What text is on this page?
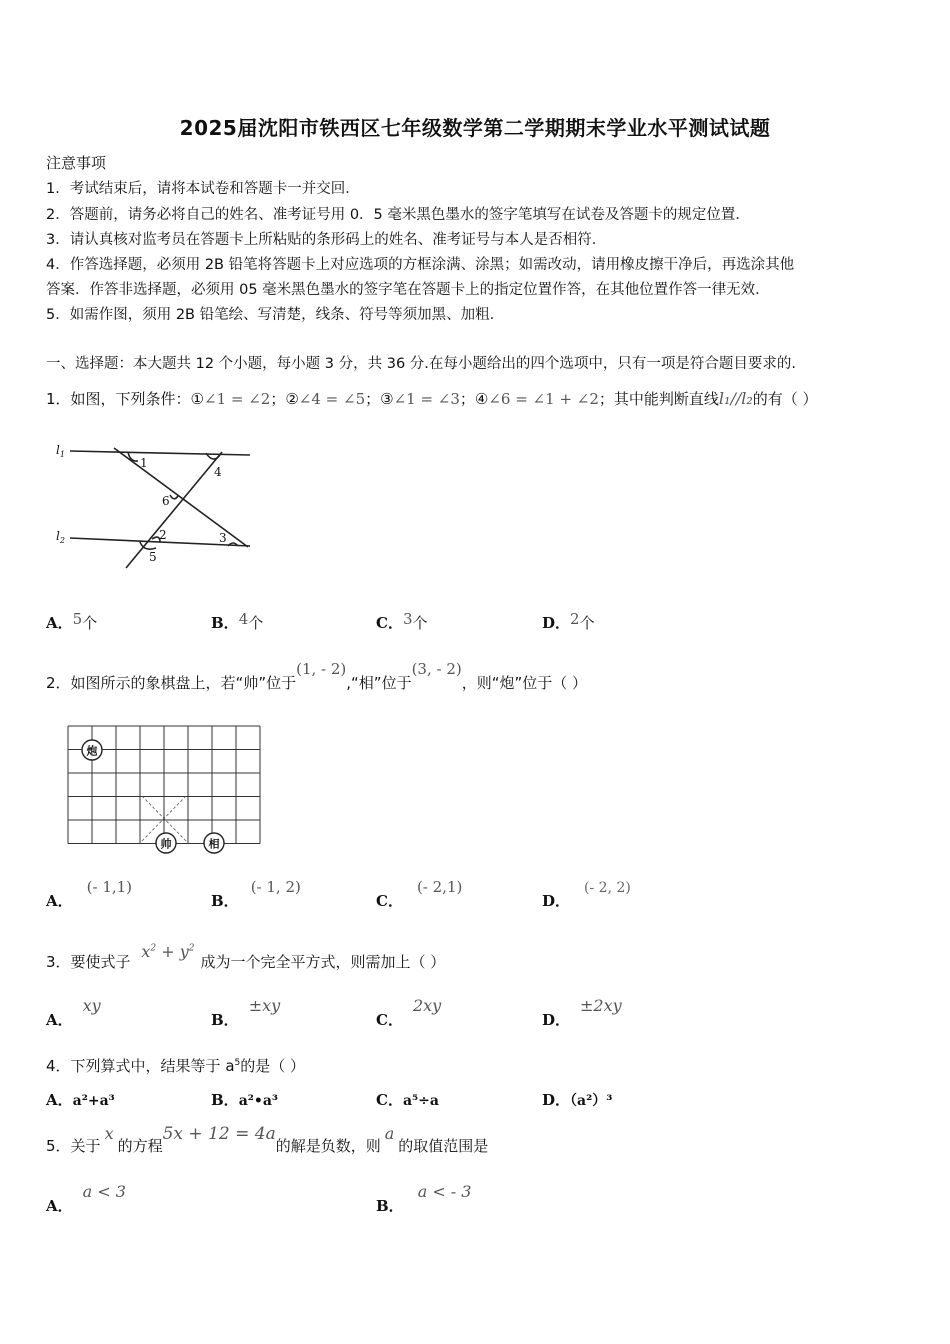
2025届沈阳市铁西区七年级数学第二学期期末学业水平测试试题
注意事项
1．考试结束后，请将本试卷和答题卡一并交回．
2．答题前，请务必将自己的姓名、准考证号用 0．5 毫米黑色墨水的签字笔填写在试卷及答题卡的规定位置．
3．请认真核对监考员在答题卡上所粘贴的条形码上的姓名、准考证号与本人是否相符．
4．作答选择题，必须用 2B 铅笔将答题卡上对应选项的方框涂满、涂黑；如需改动，请用橡皮擦干净后，再选涂其他
答案．作答非选择题，必须用 05 毫米黑色墨水的签字笔在答题卡上的指定位置作答，在其他位置作答一律无效．
5．如需作图，须用 2B 铅笔绘、写清楚，线条、符号等须加黑、加粗．
一、选择题：本大题共 12 个小题，每小题 3 分，共 36 分.在每小题给出的四个选项中，只有一项是符合题目要求的.
1．如图，下列条件：①∠1 = ∠2；②∠4 = ∠5；③∠1 = ∠3；④∠6 = ∠1 + ∠2；其中能判断直线l₁//l₂的有（ ）
$l_1$
$l_2$
1
4
6
2	3
5
A．5个	B．4个	C．3个	D．2个
2．如图所示的象棋盘上，若“帅”位于(1, - 2),“相”位于(3, - 2)，则“炮”位于（ ）
炮
帅	相
A．(- 1,1)
B．(- 1, 2)
C．(- 2,1)
D．(- 2, 2)
3．要使式子 $x^2 + y^2$成为一个完全平方式，则需加上（ ）
A．xy
B．±xy
C．2xy
D．±2xy
4．下列算式中，结果等于 $a^5$的是（ ）
A．a²+a³	B．a²•a³	C．a⁵÷a	D．（a²）³
5．关于x的方程5x + 12 = 4a的解是负数，则a的取值范围是
A．a < 3
B．a < - 3
